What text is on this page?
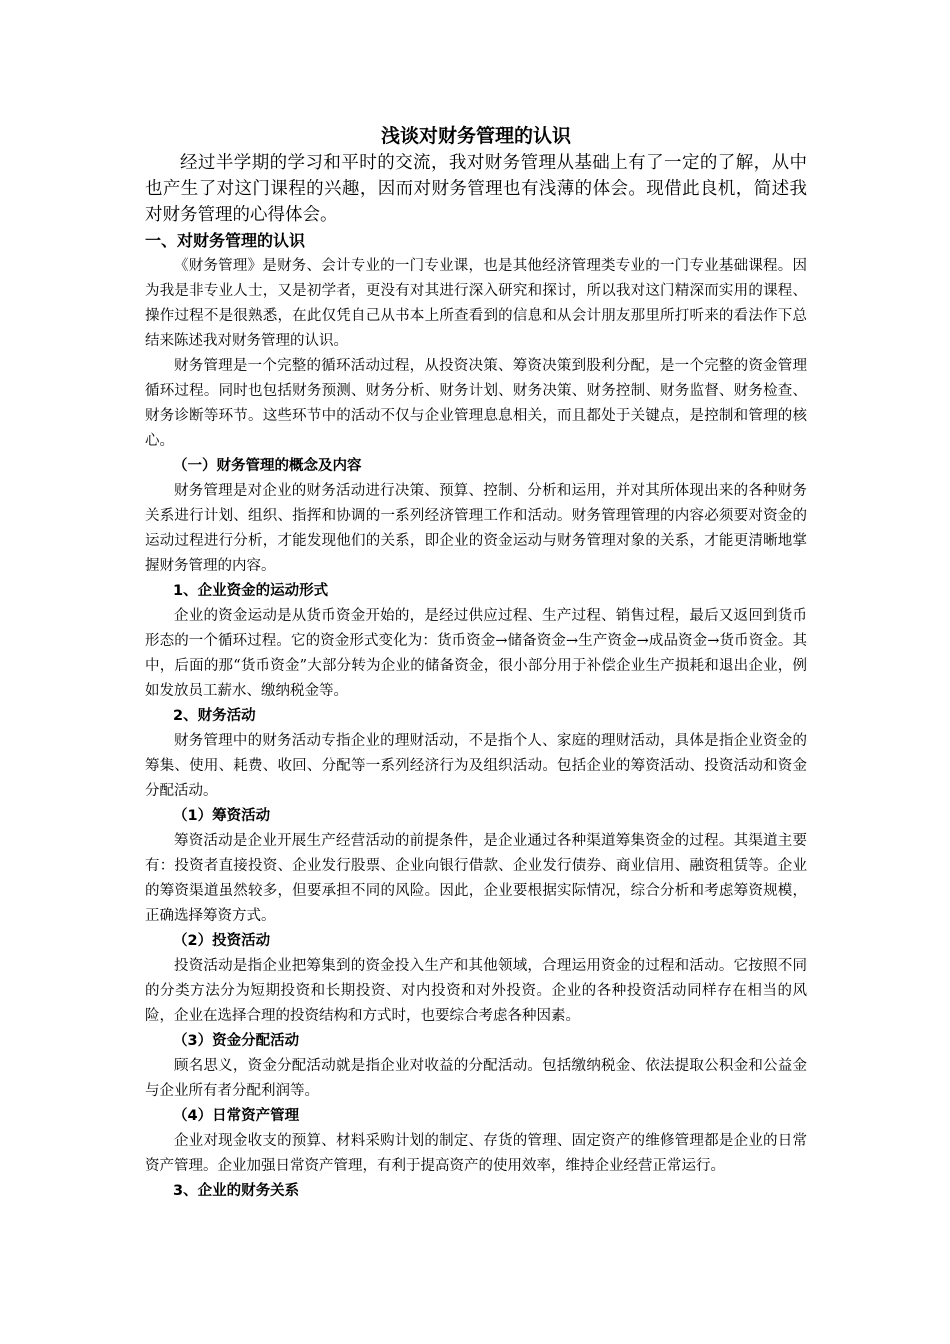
浅谈对财务管理的认识

经过半学期的学习和平时的交流，我对财务管理从基础上有了一定的了解，从中也产生了对这门课程的兴趣，因而对财务管理也有浅薄的体会。现借此良机，简述我对财务管理的心得体会。

一、对财务管理的认识

《财务管理》是财务、会计专业的一门专业课，也是其他经济管理类专业的一门专业基础课程。因为我是非专业人士，又是初学者，更没有对其进行深入研究和探讨，所以我对这门精深而实用的课程、操作过程不是很熟悉，在此仅凭自己从书本上所查看到的信息和从会计朋友那里所打听来的看法作下总结来陈述我对财务管理的认识。

财务管理是一个完整的循环活动过程，从投资决策、筹资决策到股利分配，是一个完整的资金管理循环过程。同时也包括财务预测、财务分析、财务计划、财务决策、财务控制、财务监督、财务检查、财务诊断等环节。这些环节中的活动不仅与企业管理息息相关，而且都处于关键点，是控制和管理的核心。

（一）财务管理的概念及内容

财务管理是对企业的财务活动进行决策、预算、控制、分析和运用，并对其所体现出来的各种财务关系进行计划、组织、指挥和协调的一系列经济管理工作和活动。财务管理管理的内容必须要对资金的运动过程进行分析，才能发现他们的关系，即企业的资金运动与财务管理对象的关系，才能更清晰地掌握财务管理的内容。

1、企业资金的运动形式

企业的资金运动是从货币资金开始的，是经过供应过程、生产过程、销售过程，最后又返回到货币形态的一个循环过程。它的资金形式变化为：货币资金→储备资金→生产资金→成品资金→货币资金。其中，后面的那“货币资金”大部分转为企业的储备资金，很小部分用于补偿企业生产损耗和退出企业，例如发放员工薪水、缴纳税金等。

2、财务活动

财务管理中的财务活动专指企业的理财活动，不是指个人、家庭的理财活动，具体是指企业资金的筹集、使用、耗费、收回、分配等一系列经济行为及组织活动。包括企业的筹资活动、投资活动和资金分配活动。

（1）筹资活动

筹资活动是企业开展生产经营活动的前提条件，是企业通过各种渠道筹集资金的过程。其渠道主要有：投资者直接投资、企业发行股票、企业向银行借款、企业发行债券、商业信用、融资租赁等。企业的筹资渠道虽然较多，但要承担不同的风险。因此，企业要根据实际情况，综合分析和考虑筹资规模，正确选择筹资方式。

（2）投资活动

投资活动是指企业把筹集到的资金投入生产和其他领域，合理运用资金的过程和活动。它按照不同的分类方法分为短期投资和长期投资、对内投资和对外投资。企业的各种投资活动同样存在相当的风险，企业在选择合理的投资结构和方式时，也要综合考虑各种因素。

（3）资金分配活动

顾名思义，资金分配活动就是指企业对收益的分配活动。包括缴纳税金、依法提取公积金和公益金与企业所有者分配利润等。

（4）日常资产管理

企业对现金收支的预算、材料采购计划的制定、存货的管理、固定资产的维修管理都是企业的日常资产管理。企业加强日常资产管理，有利于提高资产的使用效率，维持企业经营正常运行。

3、企业的财务关系
